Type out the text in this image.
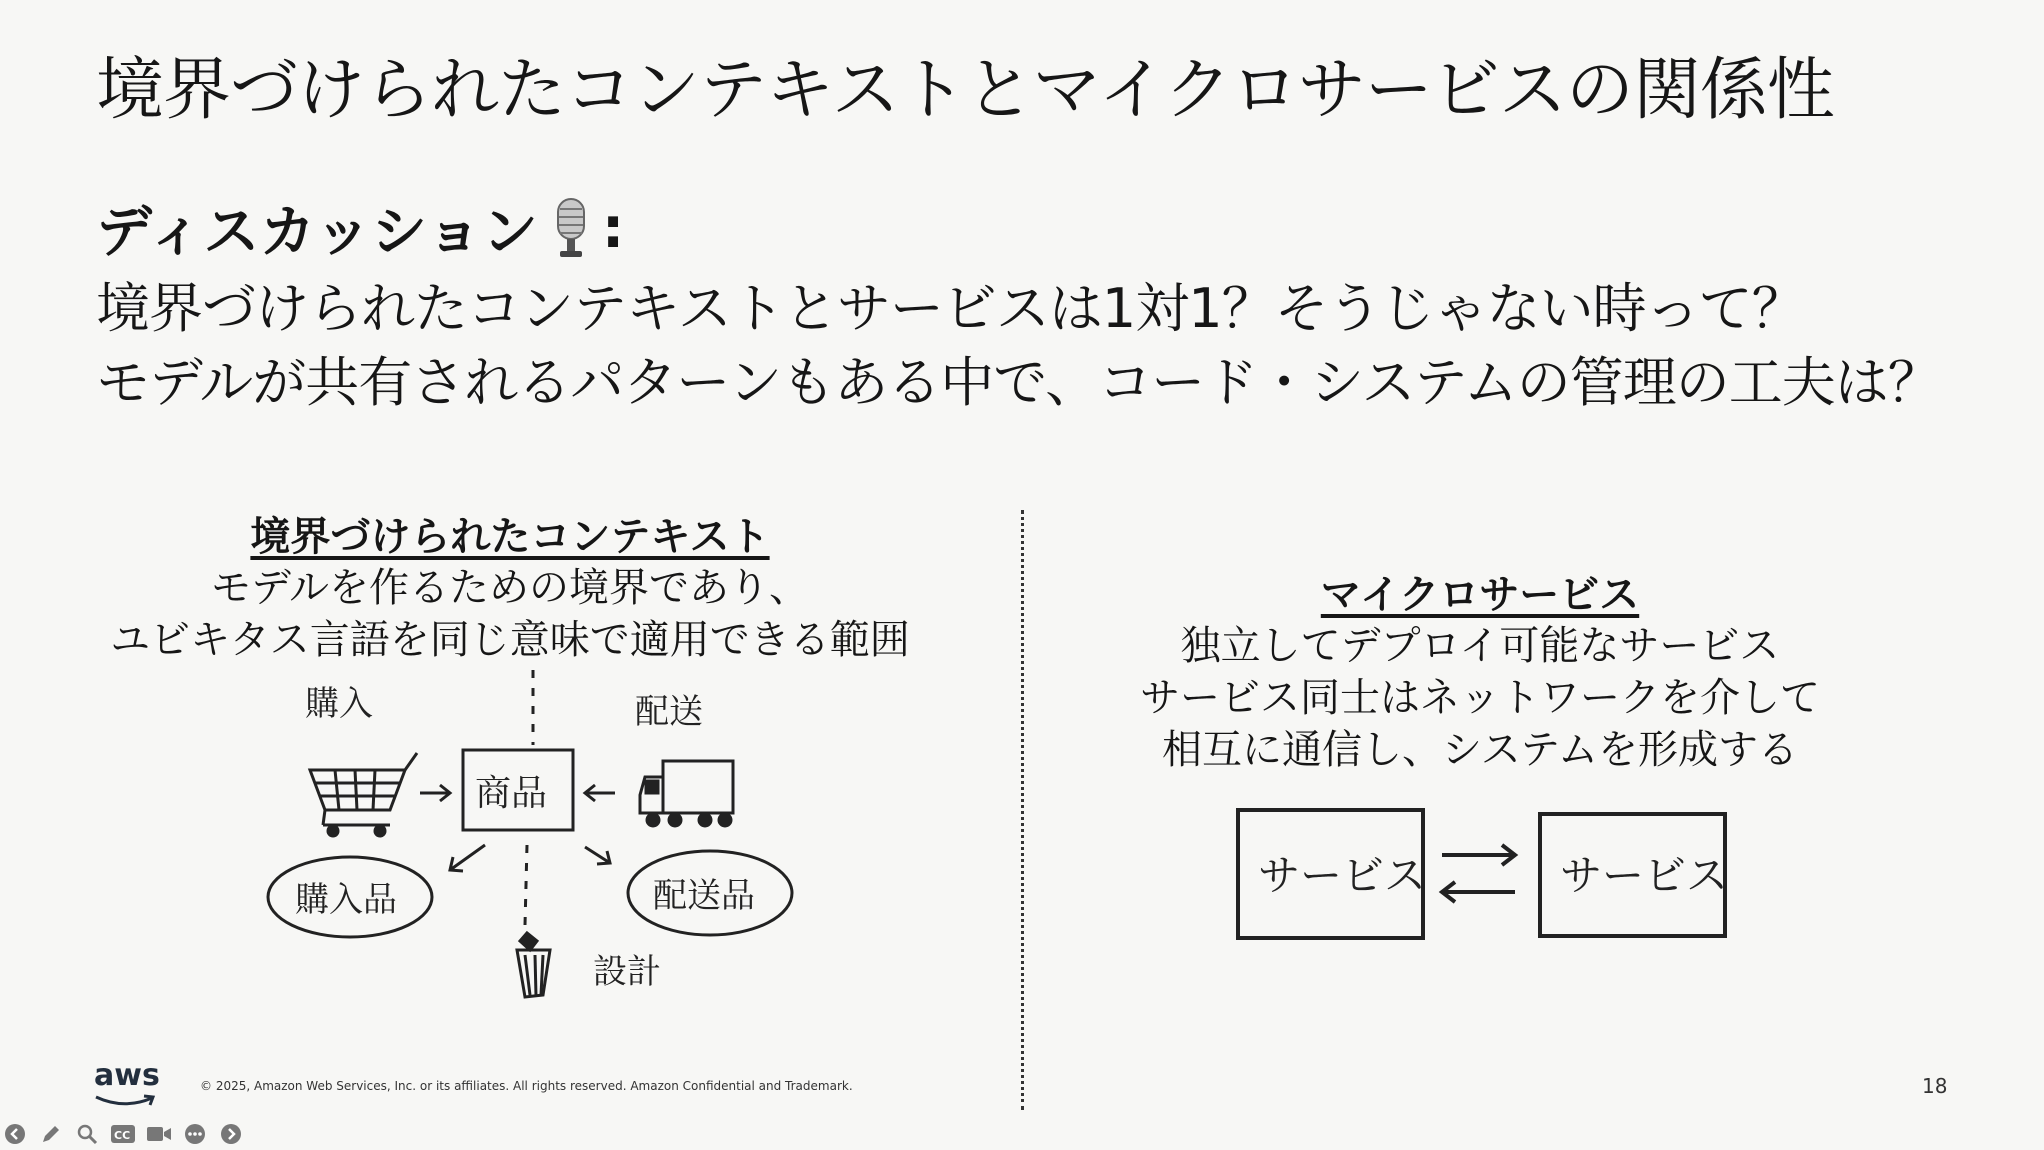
境界づけられたコンテキストとマイクロサービスの関係性
ディスカッション :
境界づけられたコンテキストとサービスは1対1？そうじゃない時って？
モデルが共有されるパターンもある中で、コード・システムの管理の工夫は？
境界づけられたコンテキスト
モデルを作るための境界であり、
ユビキタス言語を同じ意味で適用できる範囲
購入
商品
配送
購入品	配送品
設計
マイクロサービス
独立してデプロイ可能なサービス
サービス同士はネットワークを介して
相互に通信し、システムを形成する
サービス	サービス
aws	© 2025, Amazon Web Services, Inc. or its affiliates. All rights reserved. Amazon Confidential and Trademark.	18
CC
